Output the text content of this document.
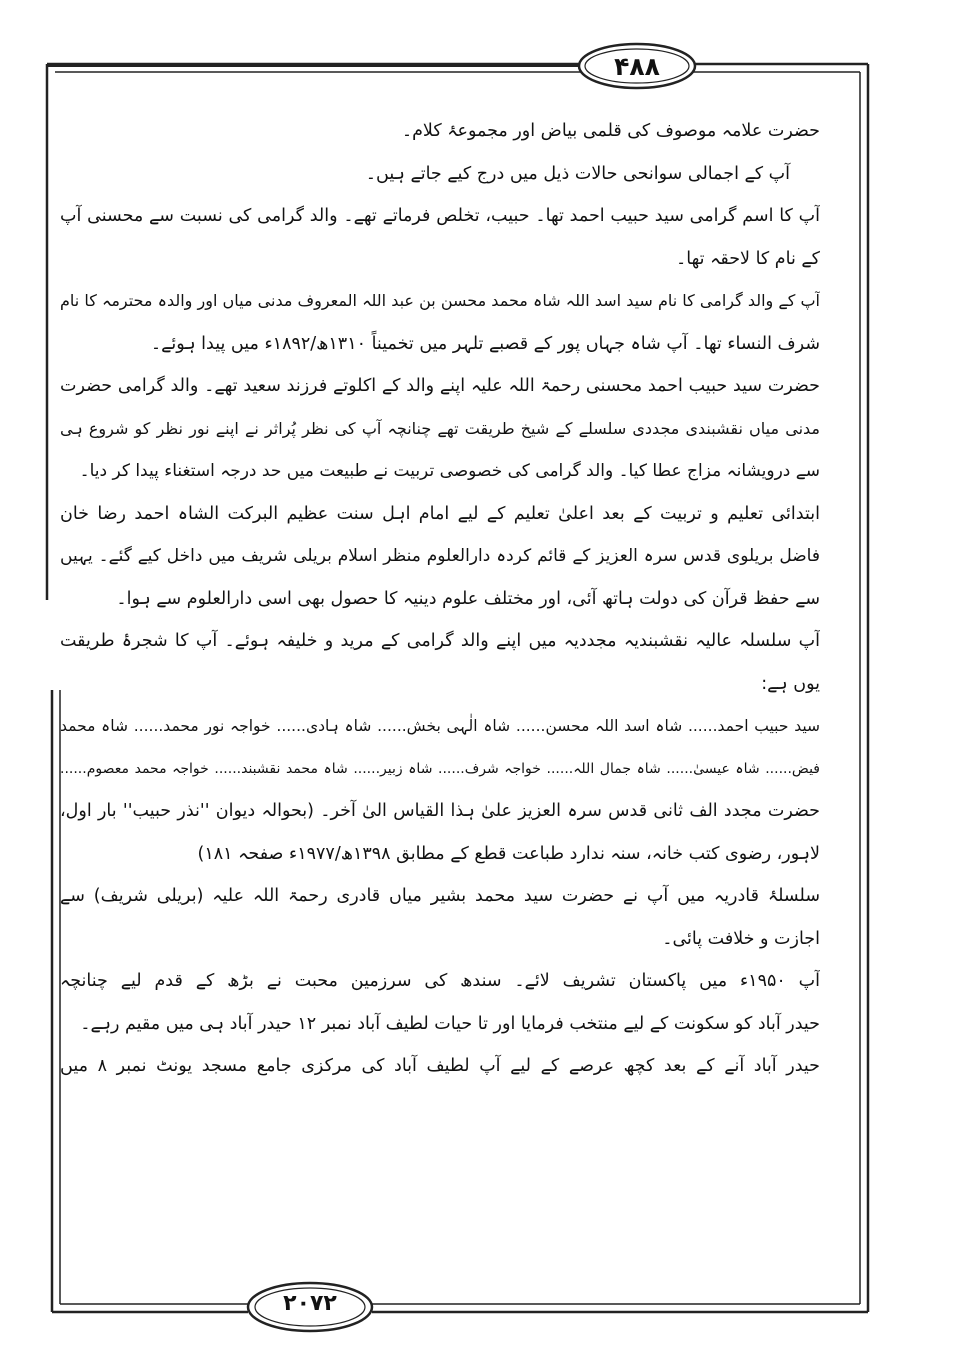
۴۸۸
۲۰۷۲
حضرت علامہ موصوف کی قلمی بیاض اور مجموعۂ کلام۔
آپ کے اجمالی سوانحی حالات ذیل میں درج کیے جاتے ہیں۔
آپ کا اسم گرامی سید حبیب احمد تھا۔ حبیب، تخلص فرماتے تھے۔ والد گرامی کی نسبت سے محسنی آپ
کے نام کا لاحقہ تھا۔
آپ کے والد گرامی کا نام سید اسد اللہ شاہ محمد محسن بن عبد اللہ المعروف مدنی میاں اور والدہ محترمہ کا نام
شرف النساء تھا۔ آپ شاہ جہاں پور کے قصبے تلہر میں تخمیناً ۱۳۱۰ھ/۱۸۹۲ء میں پیدا ہوئے۔
حضرت سید حبیب احمد محسنی رحمۃ اللہ علیہ اپنے والد کے اکلوتے فرزند سعید تھے۔ والد گرامی حضرت
مدنی میاں نقشبندی مجددی سلسلے کے شیخ طریقت تھے چنانچہ آپ کی نظر پُراثر نے اپنے نور نظر کو شروع ہی
سے درویشانہ مزاج عطا کیا۔ والد گرامی کی خصوصی تربیت نے طبیعت میں حد درجہ استغناء پیدا کر دیا۔
ابتدائی تعلیم و تربیت کے بعد اعلیٰ تعلیم کے لیے امام اہل سنت عظیم البرکت الشاہ احمد رضا خان
فاضل بریلوی قدس سرہ العزیز کے قائم کردہ دارالعلوم منظر اسلام بریلی شریف میں داخل کیے گئے۔ یہیں
سے حفظ قرآن کی دولت ہاتھ آئی، اور مختلف علوم دینیہ کا حصول بھی اسی دارالعلوم سے ہوا۔
آپ سلسلہ عالیہ نقشبندیہ مجددیہ میں اپنے والد گرامی کے مرید و خلیفہ ہوئے۔ آپ کا شجرۂ طریقت
یوں ہے:
سید حبیب احمد...... شاہ اسد اللہ محسن...... شاہ الٰہی بخش...... شاہ ہادی...... خواجہ نور محمد...... شاہ محمد
فیض...... شاہ عیسیٰ...... شاہ جمال اللہ...... خواجہ شرف...... شاہ زبیر...... شاہ محمد نقشبند...... خواجہ محمد معصوم......
حضرت مجدد الف ثانی قدس سرہ العزیز علیٰ ہذا القیاس الیٰ آخر۔ (بحوالہ دیوان ''نذر حبیب'' بار اول،
لاہور، رضوی کتب خانہ، سنہ ندارد طباعت قطع کے مطابق ۱۳۹۸ھ/۱۹۷۷ء صفحہ ۱۸۱)
سلسلۂ قادریہ میں آپ نے حضرت سید محمد بشیر میاں قادری رحمۃ اللہ علیہ (بریلی شریف) سے
اجازت و خلافت پائی۔
آپ ۱۹۵۰ء میں پاکستان تشریف لائے۔ سندھ کی سرزمین محبت نے بڑھ کے قدم لیے چنانچہ
حیدر آباد کو سکونت کے لیے منتخب فرمایا اور تا حیات لطیف آباد نمبر ۱۲ حیدر آباد ہی میں مقیم رہے۔
حیدر آباد آنے کے بعد کچھ عرصے کے لیے آپ لطیف آباد کی مرکزی جامع مسجد یونٹ نمبر ۸ میں
